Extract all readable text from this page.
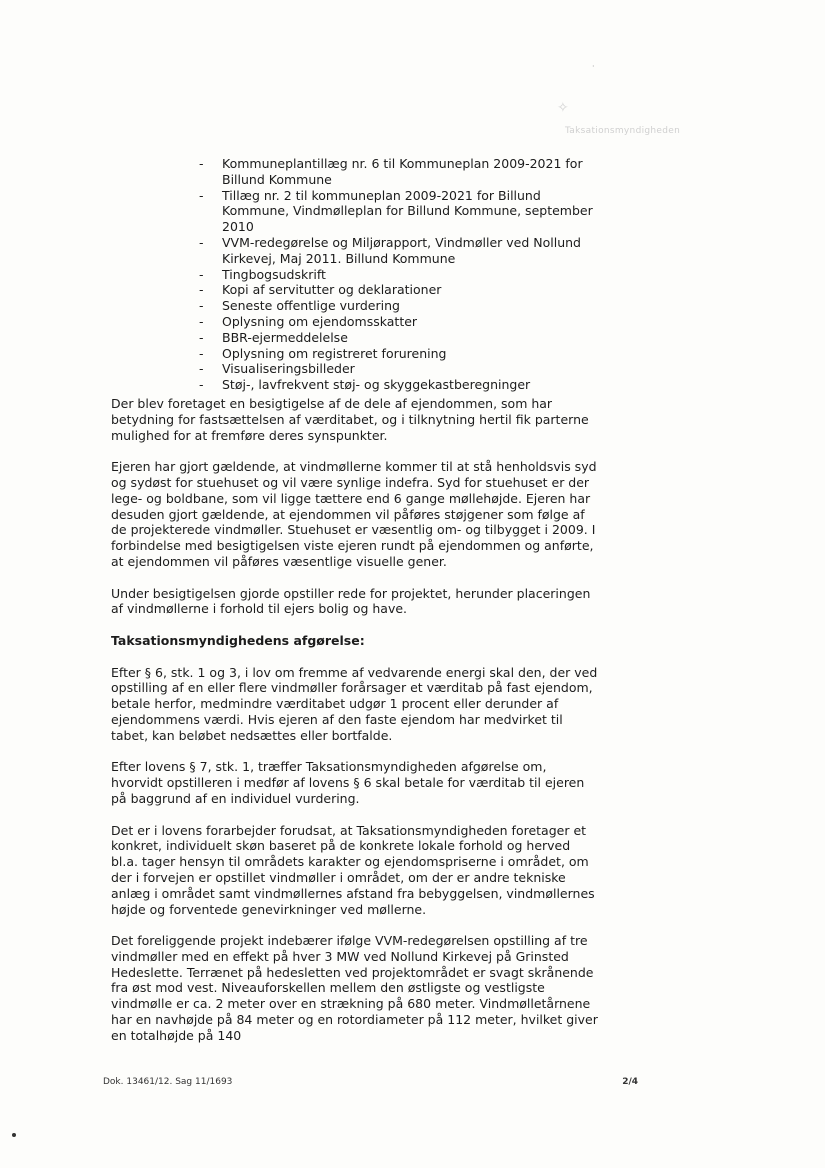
✧
Taksationsmyndigheden
·
- Kommuneplantillæg nr. 6 til Kommuneplan 2009-2021 for Billund Kommune
- Tillæg nr. 2 til kommuneplan 2009-2021 for Billund Kommune, Vindmølleplan for Billund Kommune, september 2010
- VVM-redegørelse og Miljørapport, Vindmøller ved Nollund Kirkevej, Maj 2011. Billund Kommune
- Tingbogsudskrift
- Kopi af servitutter og deklarationer
- Seneste offentlige vurdering
- Oplysning om ejendomsskatter
- BBR-ejermeddelelse
- Oplysning om registreret forurening
- Visualiseringsbilleder
- Støj-, lavfrekvent støj- og skyggekastberegninger

Der blev foretaget en besigtigelse af de dele af ejendommen, som har betydning for fastsættelsen af værditabet, og i tilknytning hertil fik parterne mulighed for at fremføre deres synspunkter.

Ejeren har gjort gældende, at vindmøllerne kommer til at stå henholdsvis syd og sydøst for stuehuset og vil være synlige indefra. Syd for stuehuset er der lege- og boldbane, som vil ligge tættere end 6 gange møllehøjde. Ejeren har desuden gjort gældende, at ejendommen vil påføres støjgener som følge af de projekterede vindmøller. Stuehuset er væsentlig om- og tilbygget i 2009. I forbindelse med besigtigelsen viste ejeren rundt på ejendommen og anførte, at ejendommen vil påføres væsentlige visuelle gener.

Under besigtigelsen gjorde opstiller rede for projektet, herunder placeringen af vindmøllerne i forhold til ejers bolig og have.

Taksationsmyndighedens afgørelse:

Efter § 6, stk. 1 og 3, i lov om fremme af vedvarende energi skal den, der ved opstilling af en eller flere vindmøller forårsager et værditab på fast ejendom, betale herfor, medmindre værditabet udgør 1 procent eller derunder af ejendommens værdi. Hvis ejeren af den faste ejendom har medvirket til tabet, kan beløbet nedsættes eller bortfalde.

Efter lovens § 7, stk. 1, træffer Taksationsmyndigheden afgørelse om, hvorvidt opstilleren i medfør af lovens § 6 skal betale for værditab til ejeren på baggrund af en individuel vurdering.

Det er i lovens forarbejder forudsat, at Taksationsmyndigheden foretager et konkret, individuelt skøn baseret på de konkrete lokale forhold og herved bl.a. tager hensyn til områdets karakter og ejendomspriserne i området, om der i forvejen er opstillet vindmøller i området, om der er andre tekniske anlæg i området samt vindmøllernes afstand fra bebyggelsen, vindmøllernes højde og forventede genevirkninger ved møllerne.

Det foreliggende projekt indebærer ifølge VVM-redegørelsen opstilling af tre vindmøller med en effekt på hver 3 MW ved Nollund Kirkevej på Grinsted Hedeslette. Terrænet på hedesletten ved projektområdet er svagt skrånende fra øst mod vest. Niveauforskellen mellem den østligste og vestligste vindmølle er ca. 2 meter over en strækning på 680 meter. Vindmølletårnene har en navhøjde på 84 meter og en rotordiameter på 112 meter, hvilket giver en totalhøjde på 140

Dok. 13461/12. Sag 11/1693	2/4
